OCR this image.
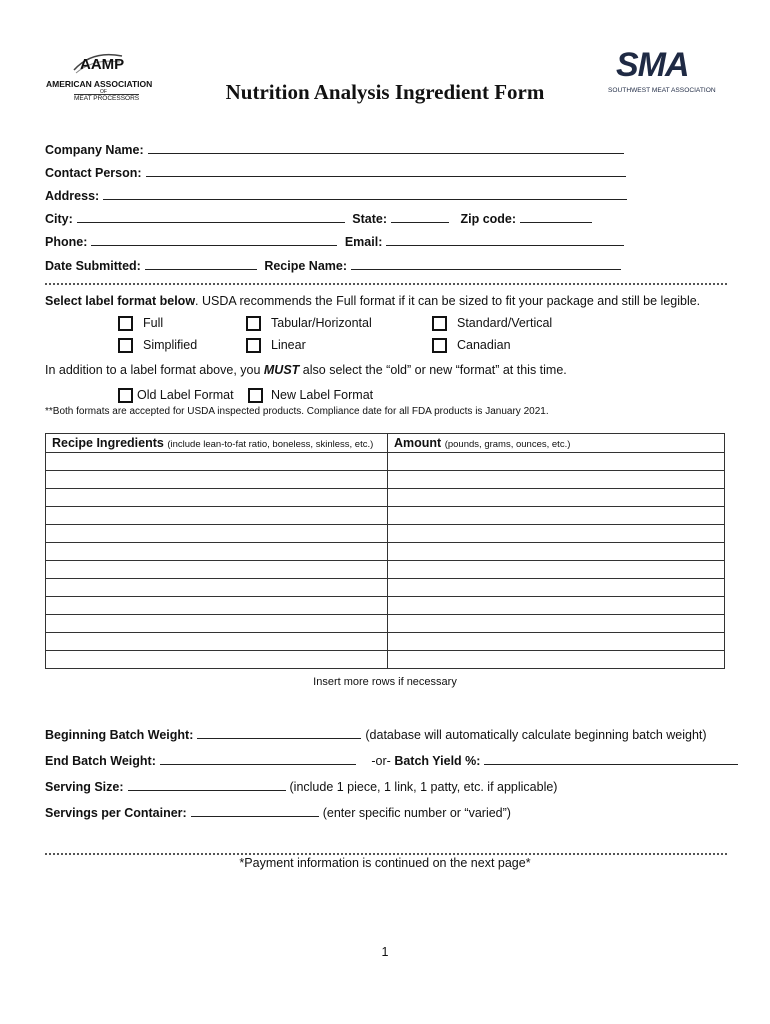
AAMP
AMERICAN ASSOCIATION
OF
MEAT PROCESSORS	Nutrition Analysis Ingredient Form
SMA ★
SOUTHWEST MEAT ASSOCIATION
Company Name:
Contact Person:
Address:
City:	State:	Zip code:
Phone:	Email:
Date Submitted:	Recipe Name:
Select label format below. USDA recommends the Full format if it can be sized to fit your package and still be legible.
Full	Tabular/Horizontal	Standard/Vertical
Simplified	Linear	Canadian
In addition to a label format above, you MUST also select the “old” or new “format” at this time.
Old Label Format	New Label Format
**Both formats are accepted for USDA inspected products. Compliance date for all FDA products is January 2021.
Recipe Ingredients (include lean-to-fat ratio, boneless, skinless, etc.)	Amount (pounds, grams, ounces, etc.)

Insert more rows if necessary
Beginning Batch Weight:	(database will automatically calculate beginning batch weight)
End Batch Weight:	-or- Batch Yield %:
Serving Size:	(include 1 piece, 1 link, 1 patty, etc. if applicable)
Servings per Container:	(enter specific number or “varied”)
*Payment information is continued on the next page*
1
